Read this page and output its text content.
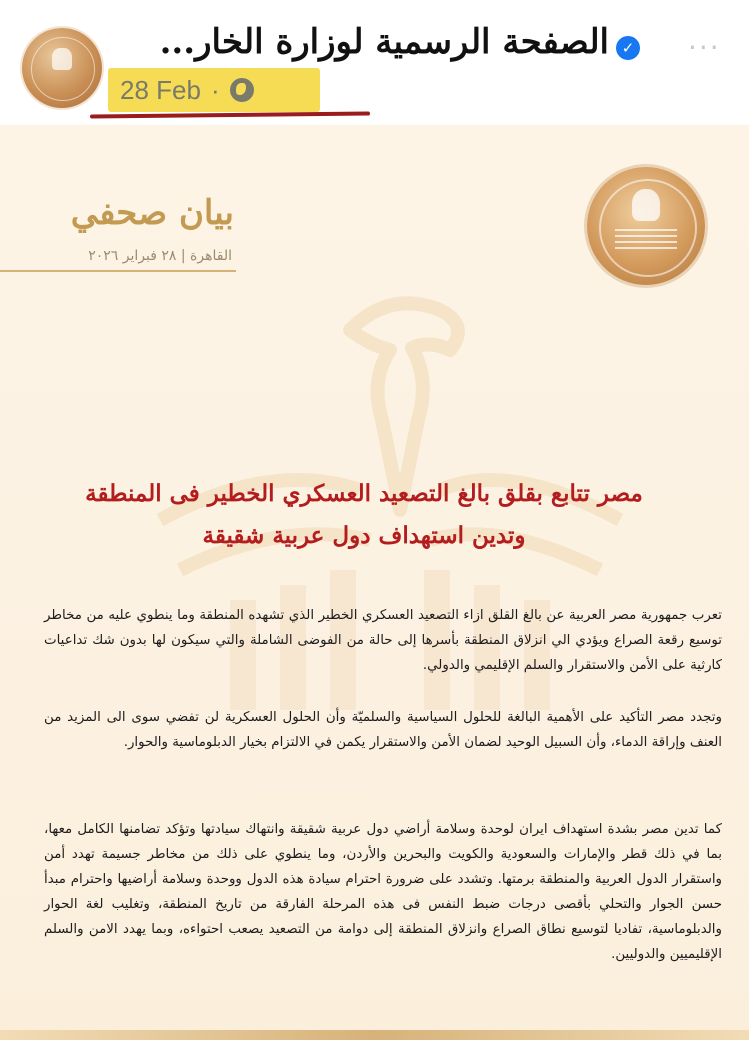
الصفحة الرسمية لوزارة الخار... ✓ ···
28 Feb ·
بيان صحفي
القاهرة | ٢٨ فبراير ٢٠٢٦
مصر تتابع بقلق بالغ التصعيد العسكري الخطير فى المنطقة
وتدين استهداف دول عربية شقيقة
تعرب جمهورية مصر العربية عن بالغ القلق ازاء التصعيد العسكري الخطير الذي تشهده المنطقة وما ينطوي عليه من مخاطر توسيع رقعة الصراع ويؤدي الي انزلاق المنطقة بأسرها إلى حالة من الفوضى الشاملة والتي سيكون لها بدون شك تداعيات كارثية على الأمن والاستقرار والسلم الإقليمي والدولي.
وتجدد مصر التأكيد على الأهمية البالغة للحلول السياسية والسلميّة وأن الحلول العسكرية لن تفضي سوى الى المزيد من العنف وإراقة الدماء، وأن السبيل الوحيد لضمان الأمن والاستقرار يكمن في الالتزام بخيار الدبلوماسية والحوار.
كما تدين مصر بشدة استهداف ايران لوحدة وسلامة أراضي دول عربية شقيقة وانتهاك سيادتها وتؤكد تضامنها الكامل معها، بما في ذلك قطر والإمارات والسعودية والكويت والبحرين والأردن، وما ينطوي على ذلك من مخاطر جسيمة تهدد أمن واستقرار الدول العربية والمنطقة برمتها. وتشدد على ضرورة احترام سيادة هذه الدول ووحدة وسلامة أراضيها واحترام مبدأ حسن الجوار والتحلي بأقصى درجات ضبط النفس فى هذه المرحلة الفارقة من تاريخ المنطقة، وتغليب لغة الحوار والدبلوماسية، تفاديا لتوسيع نطاق الصراع وانزلاق المنطقة إلى دوامة من التصعيد يصعب احتواءه، وبما يهدد الامن والسلم الإقليميين والدوليين.
